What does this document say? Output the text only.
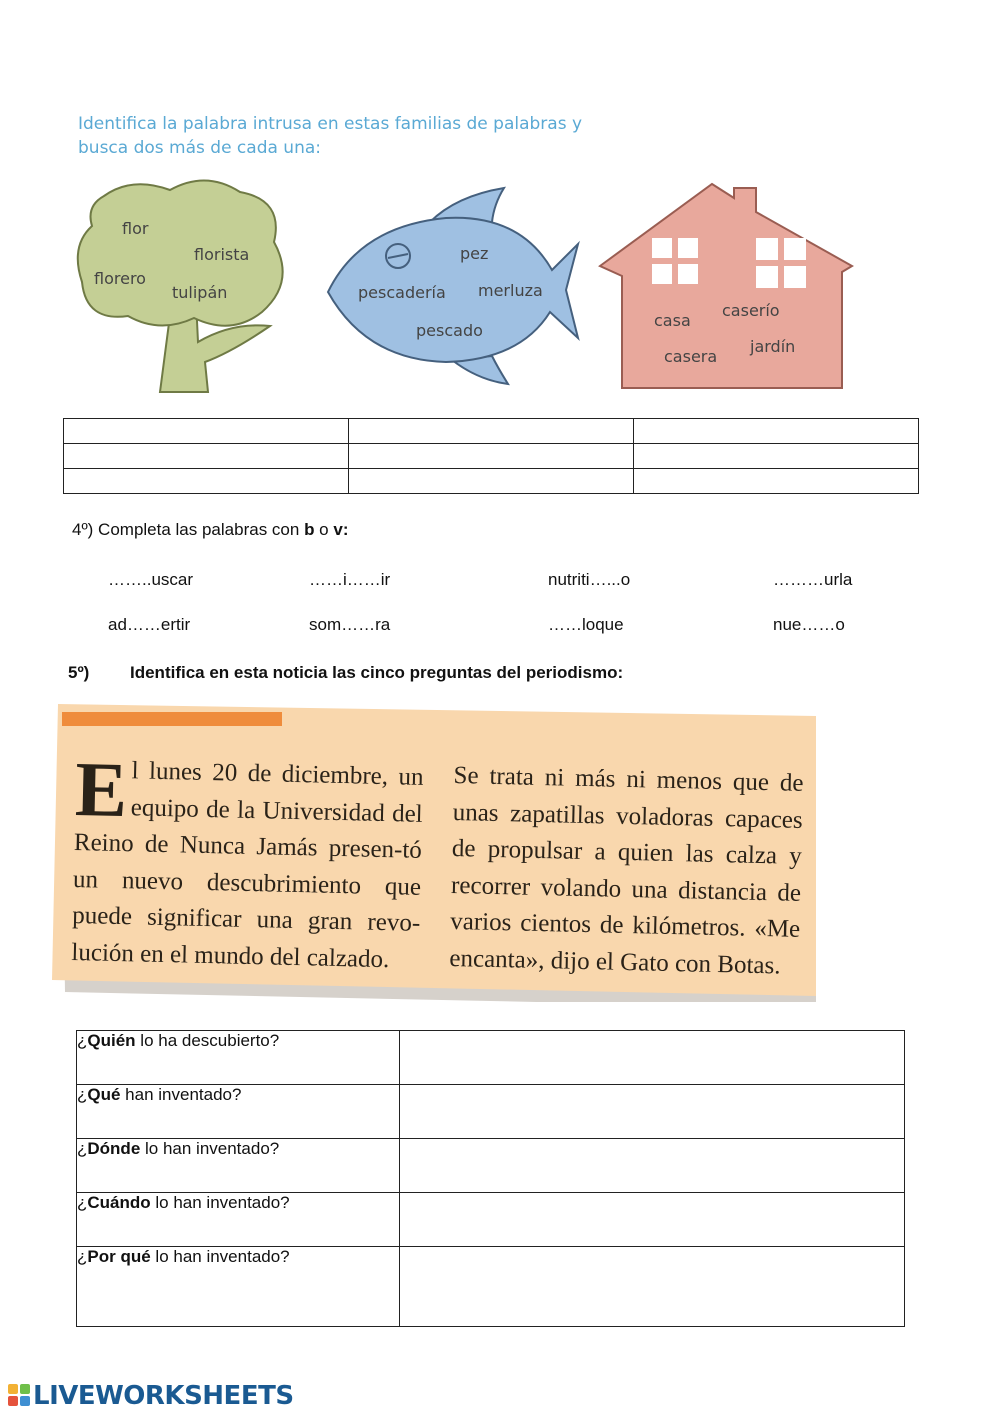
Identifica la palabra intrusa en estas familias de palabras y
busca dos más de cada una:
flor
florista
florero
tulipán
pez
pescadería merluza
pescado
casa
caserío
casera
jardín

4º) Completa las palabras con b o v:
……..uscar	……i……ir	nutriti…...o	………urla
ad……ertir	som……ra	……loque	nue……o
5º) Identifica en esta noticia las cinco preguntas del periodismo:
El lunes 20 de diciembre, un equipo de la Universidad del Reino de Nunca Jamás presen-tó un nuevo descubrimiento que puede significar una gran revo-lución en el mundo del calzado.
Se trata ni más ni menos que de unas zapatillas voladoras capaces de propulsar a quien las calza y recorrer volando una distancia de varios cientos de kilómetros. «Me encanta», dijo el Gato con Botas.
¿Quién lo ha descubierto?	
¿Qué han inventado?	
¿Dónde lo han inventado?	
¿Cuándo lo han inventado?	
¿Por qué lo han inventado?	
LIVEWORKSHEETS
